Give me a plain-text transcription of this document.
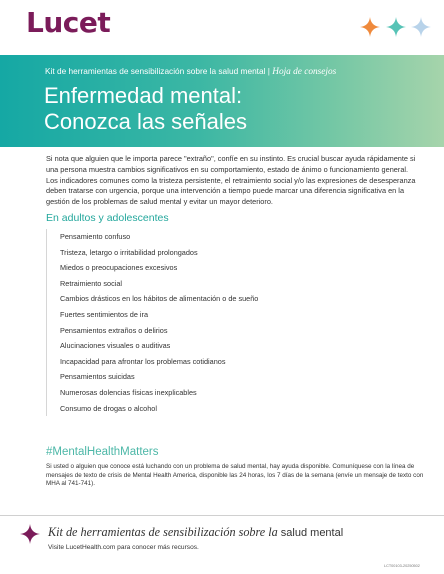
Lucet
Kit de herramientas de sensibilización sobre la salud mental | Hoja de consejos
Enfermedad mental:
Conozca las señales

Si nota que alguien que le importa parece "extraño", confíe en su instinto. Es crucial buscar ayuda rápidamente si una persona muestra cambios significativos en su comportamiento, estado de ánimo o funcionamiento general. Los indicadores comunes como la tristeza persistente, el retraimiento social y/o las expresiones de desesperanza deben tratarse con urgencia, porque una intervención a tiempo puede marcar una diferencia significativa en la gestión de los problemas de salud mental y evitar un mayor deterioro.

En adultos y adolescentes
Pensamiento confuso
Tristeza, letargo o irritabilidad prolongados
Miedos o preocupaciones excesivos
Retraimiento social
Cambios drásticos en los hábitos de alimentación o de sueño
Fuertes sentimientos de ira
Pensamientos extraños o delirios
Alucinaciones visuales o auditivas
Incapacidad para afrontar los problemas cotidianos
Pensamientos suicidas
Numerosas dolencias físicas inexplicables
Consumo de drogas o alcohol
#MentalHealthMatters

Si usted o alguien que conoce está luchando con un problema de salud mental, hay ayuda disponible. Comuníquese con la línea de mensajes de texto de crisis de Mental Health America, disponible las 24 horas, los 7 días de la semana (envíe un mensaje de texto con MHA al 741-741).

Kit de herramientas de sensibilización sobre la salud mental
Visite LucetHealth.com para conocer más recursos.
LCT00103-20250502
